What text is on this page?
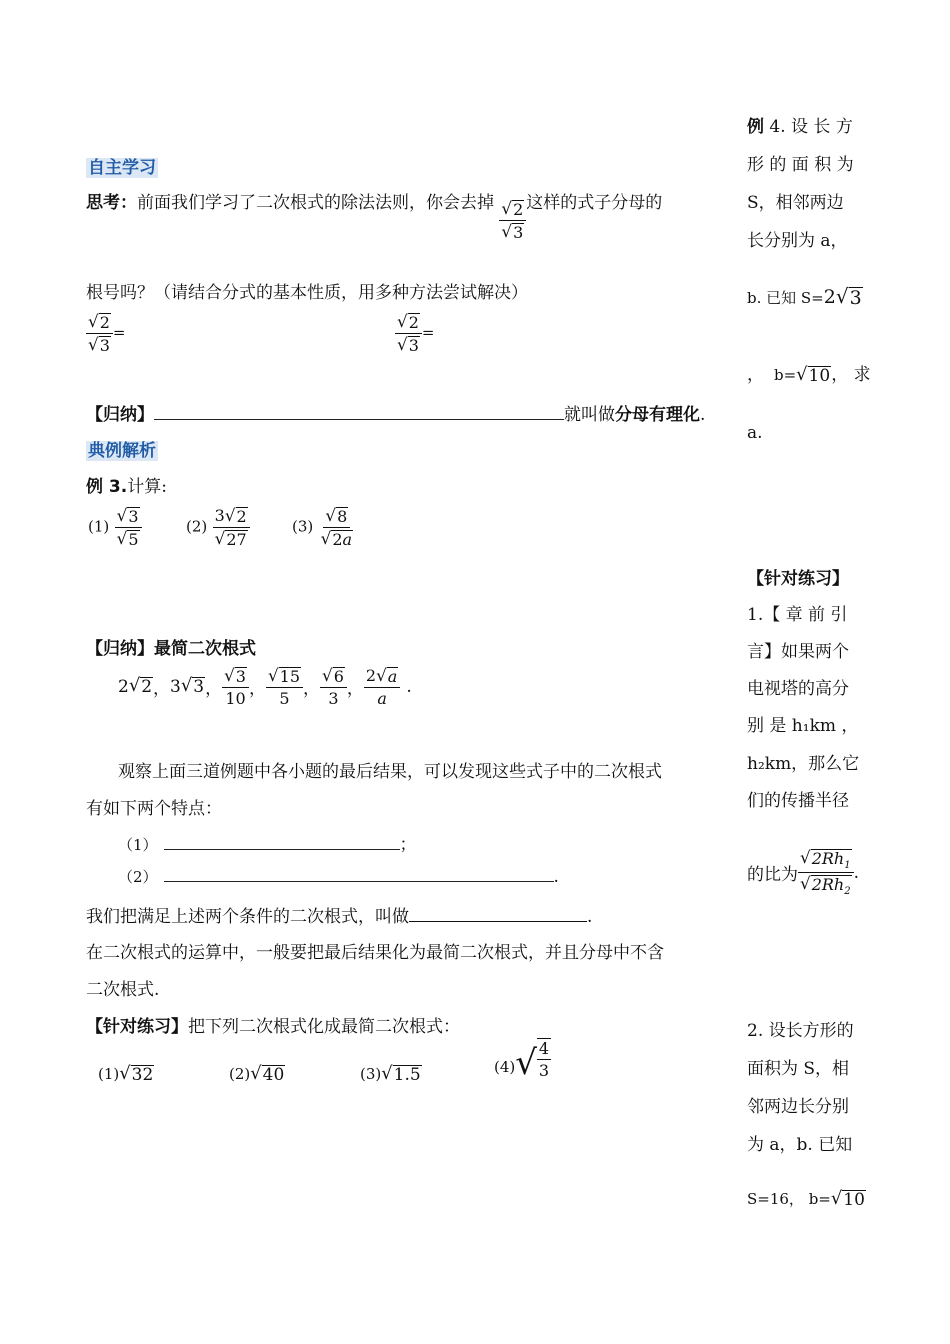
自主学习
思考：前面我们学习了二次根式的除法法则，你会去掉 $\frac{√ 2}{√ 3}$ 这样的式子分母的
根号吗？（请结合分式的基本性质，用多种方法尝试解决）
$\frac{√ 2}{√ 3}$ =	$\frac{√ 2}{√ 3}$ =
【归纳】	就叫做分母有理化.
典例解析
例 3.计算:
$(1) \frac{√ 3}{√ 5}$	$(2) \frac{3 √ 2}{√ 27}$	$(3) \frac{√ 8}{√ 2a}$
【归纳】最简二次根式
2 √ 2 ， 3 √ 3 ， $\frac{√ 3}{10}$ ， $\frac{√ 15}{5}$ ， $\frac{√ 6}{3}$ ， $\frac{2 √ a}{a}$ .
观察上面三道例题中各小题的最后结果，可以发现这些式子中的二次根式
有如下两个特点：
（1）	；
（2）	.
我们把满足上述两个条件的二次根式，叫做	.
在二次根式的运算中，一般要把最后结果化为最简二次根式，并且分母中不含
二次根式.
【针对练习】把下列二次根式化成最简二次根式：
(1) √ 32	(2) √ 40	(3) √ 1.5	(4) √ $\frac{4}{3}$
例 4. 设 长 方
形 的 面 积 为
S，相邻两边
长分别为 a，
b. 已知 S=2 √ 3
， b= √ 10 ， 求
a.
【针对练习】
1.【 章 前 引
言】如果两个
电视塔的高分
别 是 h₁km ，
h₂km，那么它
们的传播半径
的比为 $\frac{√ 2Rh_1}{√ 2Rh_2}$ .
2. 设长方形的
面积为 S，相
邻两边长分别
为 a，b. 已知
S=16， b= √ 10
